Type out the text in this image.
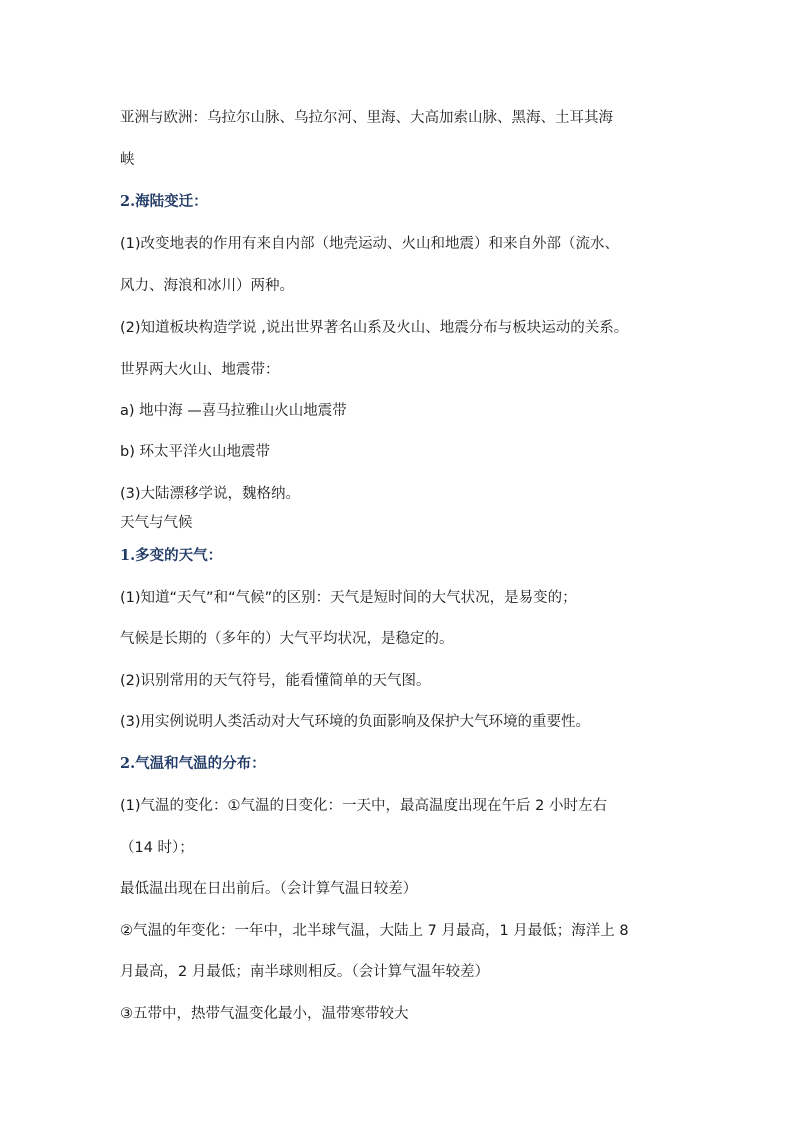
亚洲与欧洲：乌拉尔山脉、乌拉尔河、里海、大高加索山脉、黑海、土耳其海
峡
2.海陆变迁：
(1)改变地表的作用有来自内部（地壳运动、火山和地震）和来自外部（流水、
风力、海浪和冰川）两种。
(2)知道板块构造学说 ,说出世界著名山系及火山、地震分布与板块运动的关系。
世界两大火山、地震带：
a) 地中海 —喜马拉雅山火山地震带
b) 环太平洋火山地震带
(3)大陆漂移学说，魏格纳。
天气与气候
1.多变的天气：
(1)知道“天气”和“气候”的区别：天气是短时间的大气状况，是易变的；
气候是长期的（多年的）大气平均状况，是稳定的。
(2)识别常用的天气符号，能看懂简单的天气图。
(3)用实例说明人类活动对大气环境的负面影响及保护大气环境的重要性。
2.气温和气温的分布：
(1)气温的变化：①气温的日变化：一天中，最高温度出现在午后 2 小时左右
（14 时）；
最低温出现在日出前后。（会计算气温日较差）
②气温的年变化：一年中，北半球气温，大陆上 7 月最高，1 月最低；海洋上 8
月最高，2 月最低；南半球则相反。（会计算气温年较差）
③五带中，热带气温变化最小，温带寒带较大
